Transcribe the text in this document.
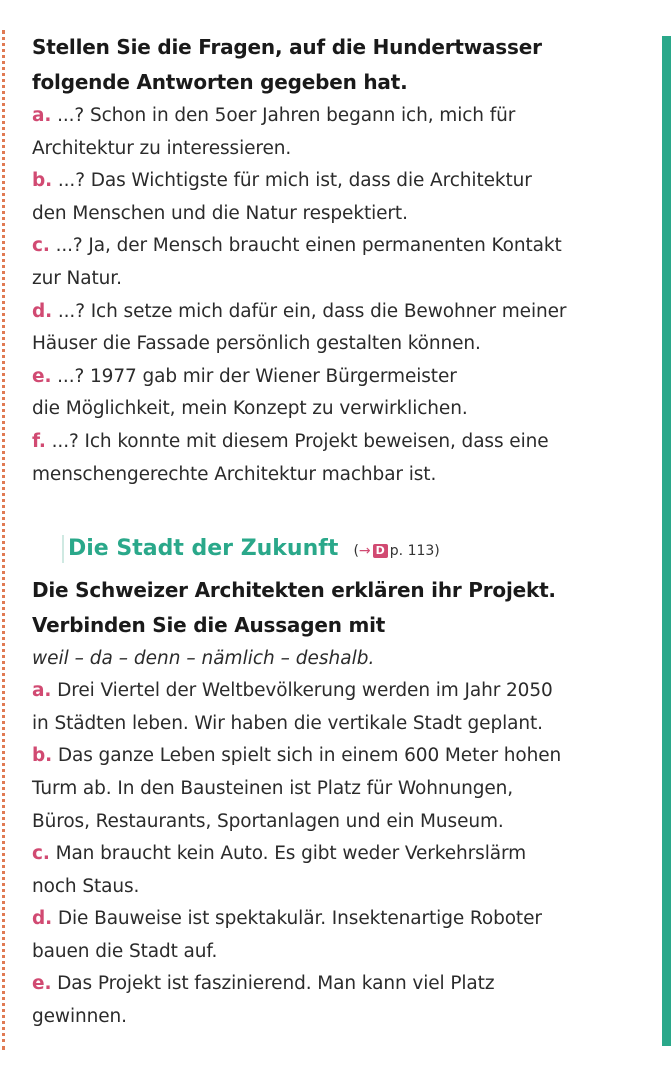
Stellen Sie die Fragen, auf die Hundertwasser
folgende Antworten gegeben hat.

a. ...? Schon in den 5oer Jahren begann ich, mich für
Architektur zu interessieren.

b. ...? Das Wichtigste für mich ist, dass die Architektur
den Menschen und die Natur respektiert.

c. ...? Ja, der Mensch braucht einen permanenten Kontakt
zur Natur.

d. ...? Ich setze mich dafür ein, dass die Bewohner meiner
Häuser die Fassade persönlich gestalten können.

e. ...? 1977 gab mir der Wiener Bürgermeister
die Möglichkeit, mein Konzept zu verwirklichen.

f. ...? Ich konnte mit diesem Projekt beweisen, dass eine
menschengerechte Architektur machbar ist.

Die Stadt der Zukunft (→ D p. 113)

Die Schweizer Architekten erklären ihr Projekt.
Verbinden Sie die Aussagen mit

weil – da – denn – nämlich – deshalb.

a. Drei Viertel der Weltbevölkerung werden im Jahr 2050
in Städten leben. Wir haben die vertikale Stadt geplant.

b. Das ganze Leben spielt sich in einem 600 Meter hohen
Turm ab. In den Bausteinen ist Platz für Wohnungen,
Büros, Restaurants, Sportanlagen und ein Museum.

c. Man braucht kein Auto. Es gibt weder Verkehrslärm
noch Staus.

d. Die Bauweise ist spektakulär. Insektenartige Roboter
bauen die Stadt auf.

e. Das Projekt ist faszinierend. Man kann viel Platz
gewinnen.
